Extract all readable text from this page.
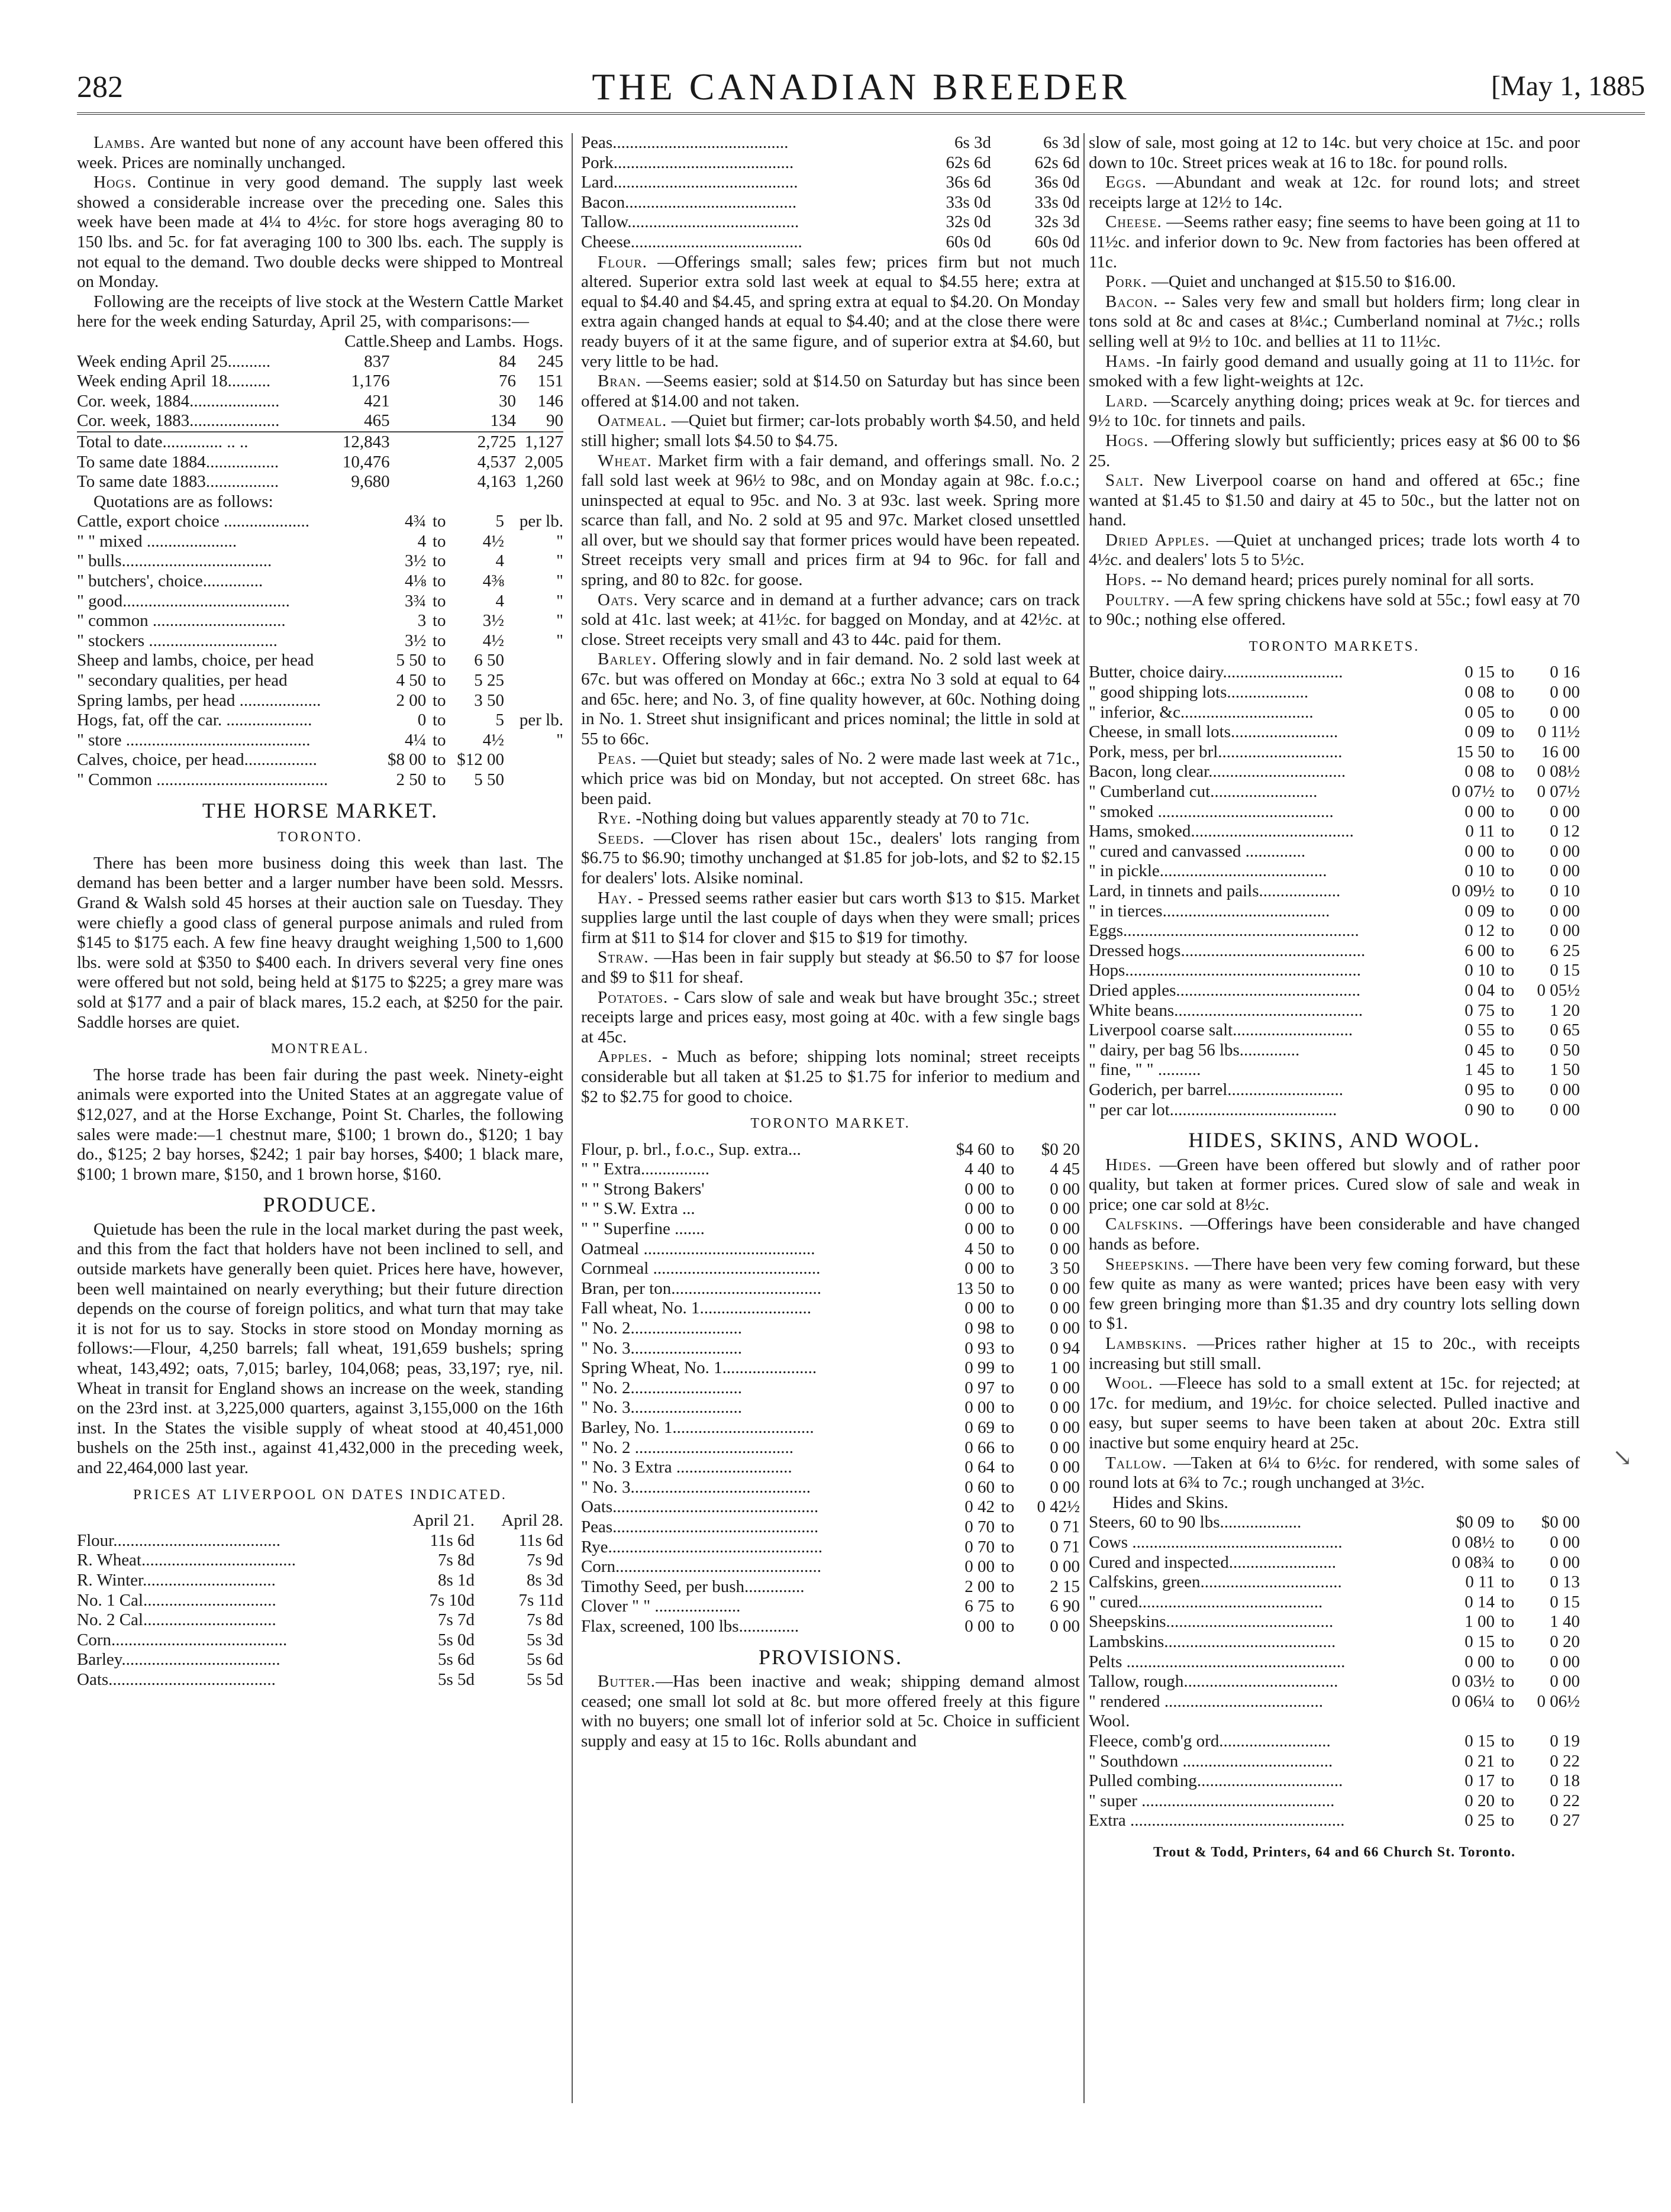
282	THE CANADIAN BREEDER	[May 1, 1885

Lambs. Are wanted but none of any account have been offered this week. Prices are nominally unchanged.

Hogs. Continue in very good demand. The supply last week showed a considerable increase over the preceding one. Sales this week have been made at 4¼ to 4½c. for store hogs averaging 80 to 150 lbs. and 5c. for fat averaging 100 to 300 lbs. each. The supply is not equal to the demand. Two double decks were shipped to Montreal on Monday.

Following are the receipts of live stock at the Western Cattle Market here for the week ending Saturday, April 25, with comparisons:—

	Cattle.	Sheep and Lambs.	Hogs.
Week ending April 25..........	837	84	245
Week ending April 18..........	1,176	76	151
Cor. week, 1884.....................	421	30	146
Cor. week, 1883.....................	465	134	90
Total to date.............. .. ..	12,843	2,725	1,127
To same date 1884.................	10,476	4,537	2,005
To same date 1883.................	9,680	4,163	1,260

Quotations are as follows:

Cattle, export choice ....................	4¾	to	5	per lb.
" " mixed .....................	4	to	4½	"
" bulls...................................	3½	to	4	"
" butchers', choice..............	4⅛	to	4⅜	"
" good.......................................	3¾	to	4	"
" common ...............................	3	to	3½	"
" stockers ..............................	3½	to	4½	"
Sheep and lambs, choice, per head	5 50	to	6 50	
" secondary qualities, per head	4 50	to	5 25	
Spring lambs, per head ...................	2 00	to	3 50	
Hogs, fat, off the car. ....................	0	to	5	per lb.
" store ...........................................	4¼	to	4½	"
Calves, choice, per head.................	$8 00	to	$12 00	
" Common ........................................	2 50	to	5 50	
THE HORSE MARKET.
TORONTO.

There has been more business doing this week than last. The demand has been better and a larger number have been sold. Messrs. Grand & Walsh sold 45 horses at their auction sale on Tuesday. They were chiefly a good class of general purpose animals and ruled from $145 to $175 each. A few fine heavy draught weighing 1,500 to 1,600 lbs. were sold at $350 to $400 each. In drivers several very fine ones were offered but not sold, being held at $175 to $225; a grey mare was sold at $177 and a pair of black mares, 15.2 each, at $250 for the pair. Saddle horses are quiet.

MONTREAL.

The horse trade has been fair during the past week. Ninety-eight animals were exported into the United States at an aggregate value of $12,027, and at the Horse Exchange, Point St. Charles, the following sales were made:—1 chestnut mare, $100; 1 brown do., $120; 1 bay do., $125; 2 bay horses, $242; 1 pair bay horses, $400; 1 black mare, $100; 1 brown mare, $150, and 1 brown horse, $160.

PRODUCE.

Quietude has been the rule in the local market during the past week, and this from the fact that holders have not been inclined to sell, and outside markets have generally been quiet. Prices here have, however, been well maintained on nearly everything; but their future direction depends on the course of foreign politics, and what turn that may take it is not for us to say. Stocks in store stood on Monday morning as follows:—Flour, 4,250 barrels; fall wheat, 191,659 bushels; spring wheat, 143,492; oats, 7,015; barley, 104,068; peas, 33,197; rye, nil. Wheat in transit for England shows an increase on the week, standing on the 23rd inst. at 3,225,000 quarters, against 3,155,000 on the 16th inst. In the States the visible supply of wheat stood at 40,451,000 bushels on the 25th inst., against 41,432,000 in the preceding week, and 22,464,000 last year.

PRICES AT LIVERPOOL ON DATES INDICATED.
	April 21.	April 28.
Flour.......................................	11s 6d	11s 6d
R. Wheat....................................	7s 8d	7s 9d
R. Winter...............................	8s 1d	8s 3d
No. 1 Cal...............................	7s 10d	7s 11d
No. 2 Cal...............................	7s 7d	7s 8d
Corn.........................................	5s 0d	5s 3d
Barley.....................................	5s 6d	5s 6d
Oats.......................................	5s 5d	5s 5d
Peas.........................................	6s 3d	6s 3d
Pork..........................................	62s 6d	62s 6d
Lard...........................................	36s 6d	36s 0d
Bacon........................................	33s 0d	33s 0d
Tallow........................................	32s 0d	32s 3d
Cheese........................................	60s 0d	60s 0d

Flour. —Offerings small; sales few; prices firm but not much altered. Superior extra sold last week at equal to $4.55 here; extra at equal to $4.40 and $4.45, and spring extra at equal to $4.20. On Monday extra again changed hands at equal to $4.40; and at the close there were ready buyers of it at the same figure, and of superior extra at $4.60, but very little to be had.

Bran. —Seems easier; sold at $14.50 on Saturday but has since been offered at $14.00 and not taken.

Oatmeal. —Quiet but firmer; car-lots probably worth $4.50, and held still higher; small lots $4.50 to $4.75.

Wheat. Market firm with a fair demand, and offerings small. No. 2 fall sold last week at 96½ to 98c, and on Monday again at 98c. f.o.c.; uninspected at equal to 95c. and No. 3 at 93c. last week. Spring more scarce than fall, and No. 2 sold at 95 and 97c. Market closed unsettled all over, but we should say that former prices would have been repeated. Street receipts very small and prices firm at 94 to 96c. for fall and spring, and 80 to 82c. for goose.

Oats. Very scarce and in demand at a further advance; cars on track sold at 41c. last week; at 41½c. for bagged on Monday, and at 42½c. at close. Street receipts very small and 43 to 44c. paid for them.

Barley. Offering slowly and in fair demand. No. 2 sold last week at 67c. but was offered on Monday at 66c.; extra No 3 sold at equal to 64 and 65c. here; and No. 3, of fine quality however, at 60c. Nothing doing in No. 1. Street shut insignificant and prices nominal; the little in sold at 55 to 66c.

Peas. —Quiet but steady; sales of No. 2 were made last week at 71c., which price was bid on Monday, but not accepted. On street 68c. has been paid.

Rye. -Nothing doing but values apparently steady at 70 to 71c.

Seeds. —Clover has risen about 15c., dealers' lots ranging from $6.75 to $6.90; timothy unchanged at $1.85 for job-lots, and $2 to $2.15 for dealers' lots. Alsike nominal.

Hay. - Pressed seems rather easier but cars worth $13 to $15. Market supplies large until the last couple of days when they were small; prices firm at $11 to $14 for clover and $15 to $19 for timothy.

Straw. —Has been in fair supply but steady at $6.50 to $7 for loose and $9 to $11 for sheaf.

Potatoes. - Cars slow of sale and weak but have brought 35c.; street receipts large and prices easy, most going at 40c. with a few single bags at 45c.

Apples. - Much as before; shipping lots nominal; street receipts considerable but all taken at $1.25 to $1.75 for inferior to medium and $2 to $2.75 for good to choice.

TORONTO MARKET.
Flour, p. brl., f.o.c., Sup. extra...	$4 60	to	$0 20
" " Extra................	4 40	to	4 45
" " Strong Bakers'	0 00	to	0 00
" " S.W. Extra ...	0 00	to	0 00
" " Superfine .......	0 00	to	0 00
Oatmeal ........................................	4 50	to	0 00
Cornmeal .......................................	0 00	to	3 50
Bran, per ton...................................	13 50	to	0 00
Fall wheat, No. 1..........................	0 00	to	0 00
" No. 2..........................	0 98	to	0 00
" No. 3..........................	0 93	to	0 94
Spring Wheat, No. 1......................	0 99	to	1 00
" No. 2..........................	0 97	to	0 00
" No. 3..........................	0 00	to	0 00
Barley, No. 1.................................	0 69	to	0 00
" No. 2 .....................................	0 66	to	0 00
" No. 3 Extra ...........................	0 64	to	0 00
" No. 3..........................................	0 60	to	0 00
Oats................................................	0 42	to	0 42½
Peas................................................	0 70	to	0 71
Rye..................................................	0 70	to	0 71
Corn................................................	0 00	to	0 00
Timothy Seed, per bush..............	2 00	to	2 15
Clover " " ....................	6 75	to	6 90
Flax, screened, 100 lbs..............	0 00	to	0 00
PROVISIONS.

Butter.—Has been inactive and weak; shipping demand almost ceased; one small lot sold at 8c. but more offered freely at this figure with no buyers; one small lot of inferior sold at 5c. Choice in sufficient supply and easy at 15 to 16c. Rolls abundant and

slow of sale, most going at 12 to 14c. but very choice at 15c. and poor down to 10c. Street prices weak at 16 to 18c. for pound rolls.

Eggs. —Abundant and weak at 12c. for round lots; and street receipts large at 12½ to 14c.

Cheese. —Seems rather easy; fine seems to have been going at 11 to 11½c. and inferior down to 9c. New from factories has been offered at 11c.

Pork. —Quiet and unchanged at $15.50 to $16.00.

Bacon. -- Sales very few and small but holders firm; long clear in tons sold at 8c and cases at 8¼c.; Cumberland nominal at 7½c.; rolls selling well at 9½ to 10c. and bellies at 11 to 11½c.

Hams. -In fairly good demand and usually going at 11 to 11½c. for smoked with a few light-weights at 12c.

Lard. —Scarcely anything doing; prices weak at 9c. for tierces and 9½ to 10c. for tinnets and pails.

Hogs. —Offering slowly but sufficiently; prices easy at $6 00 to $6 25.

Salt. New Liverpool coarse on hand and offered at 65c.; fine wanted at $1.45 to $1.50 and dairy at 45 to 50c., but the latter not on hand.

Dried Apples. —Quiet at unchanged prices; trade lots worth 4 to 4½c. and dealers' lots 5 to 5½c.

Hops. -- No demand heard; prices purely nominal for all sorts.

Poultry. —A few spring chickens have sold at 55c.; fowl easy at 70 to 90c.; nothing else offered.

TORONTO MARKETS.
Butter, choice dairy............................	0 15	to	0 16
" good shipping lots...................	0 08	to	0 00
" inferior, &c...............................	0 05	to	0 00
Cheese, in small lots.........................	0 09	to	0 11½
Pork, mess, per brl.............................	15 50	to	16 00
Bacon, long clear................................	0 08	to	0 08½
" Cumberland cut.........................	0 07½	to	0 07½
" smoked .........................................	0 00	to	0 00
Hams, smoked......................................	0 11	to	0 12
" cured and canvassed ..............	0 00	to	0 00
" in pickle.......................................	0 10	to	0 00
Lard, in tinnets and pails...................	0 09½	to	0 10
" in tierces.......................................	0 09	to	0 00
Eggs.......................................................	0 12	to	0 00
Dressed hogs...........................................	6 00	to	6 25
Hops.......................................................	0 10	to	0 15
Dried apples...........................................	0 04	to	0 05½
White beans............................................	0 75	to	1 20
Liverpool coarse salt............................	0 55	to	0 65
" dairy, per bag 56 lbs..............	0 45	to	0 50
" fine, " " ..........	1 45	to	1 50
Goderich, per barrel...........................	0 95	to	0 00
" per car lot.......................................	0 90	to	0 00
HIDES, SKINS, AND WOOL.

Hides. —Green have been offered but slowly and of rather poor quality, but taken at former prices. Cured slow of sale and weak in price; one car sold at 8½c.

Calfskins. —Offerings have been considerable and have changed hands as before.

Sheepskins. —There have been very few coming forward, but these few quite as many as were wanted; prices have been easy with very few green bringing more than $1.35 and dry country lots selling down to $1.

Lambskins. —Prices rather higher at 15 to 20c., with receipts increasing but still small.

Wool. —Fleece has sold to a small extent at 15c. for rejected; at 17c. for medium, and 19½c. for choice selected. Pulled inactive and easy, but super seems to have been taken at about 20c. Extra still inactive but some enquiry heard at 25c.

Tallow. —Taken at 6¼ to 6½c. for rendered, with some sales of round lots at 6¾ to 7c.; rough unchanged at 3½c.

Hides and Skins.

Steers, 60 to 90 lbs...................	$0 09	to	$0 00
Cows .................................................	0 08½	to	0 00
Cured and inspected.........................	0 08¾	to	0 00
Calfskins, green.................................	0 11	to	0 13
" cured...........................................	0 14	to	0 15
Sheepskins.......................................	1 00	to	1 40
Lambskins........................................	0 15	to	0 20
Pelts ...................................................	0 00	to	0 00
Tallow, rough....................................	0 03½	to	0 00
" rendered .....................................	0 06¼	to	0 06½

Wool.

Fleece, comb'g ord..........................	0 15	to	0 19
" Southdown ...................................	0 21	to	0 22
Pulled combing..................................	0 17	to	0 18
" super .............................................	0 20	to	0 22
Extra ..................................................	0 25	to	0 27
Trout & Todd, Printers, 64 and 66 Church St. Toronto.
↘
